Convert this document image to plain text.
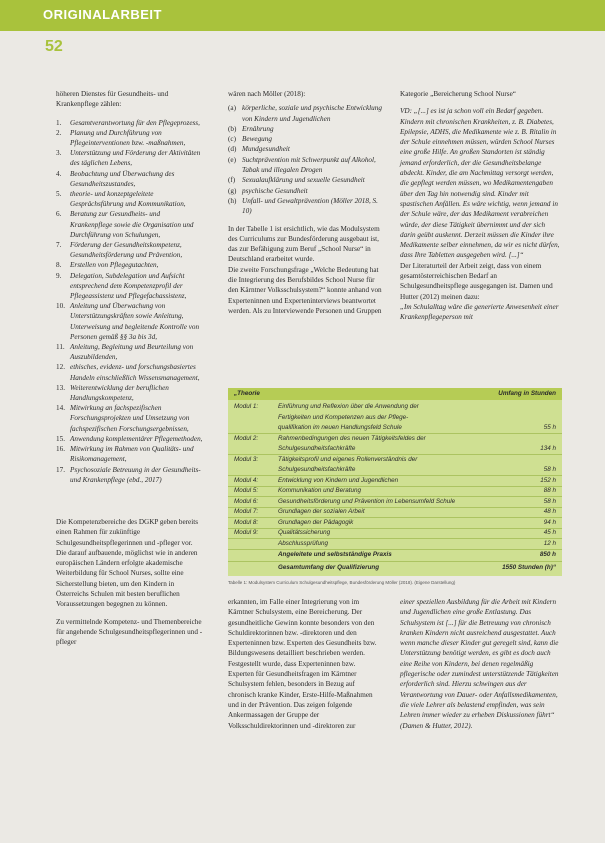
ORIGINALARBEIT
52

höheren Dienstes für Gesundheits- und Krankenpflege zählen:

1. Gesamtverantwortung für den Pflegeprozess,
2. Planung und Durchführung von Pflegeinterventionen bzw. -maßnahmen,
3. Unterstützung und Förderung der Aktivitäten des täglichen Lebens,
4. Beobachtung und Überwachung des Gesundheitszustandes,
5. theorie- und konzeptgeleitete Gesprächsführung und Kommunikation,
6. Beratung zur Gesundheits- und Krankenpflege sowie die Organisation und Durchführung von Schulungen,
7. Förderung der Gesundheitskompetenz, Gesundheitsförderung und Prävention,
8. Erstellen von Pflegegutachten,
9. Delegation, Subdelegation und Aufsicht entsprechend dem Kompetenzprofil der Pflegeassistenz und Pflegefachassistenz,
10. Anleitung und Überwachung von Unterstützungskräften sowie Anleitung, Unterweisung und begleitende Kontrolle von Personen gemäß §§ 3a bis 3d,
11. Anleitung, Begleitung und Beurteilung von Auszubildenden,
12. ethisches, evidenz- und forschungsbasiertes Handeln einschließlich Wissensmanagement,
13. Weiterentwicklung der beruflichen Handlungskompetenz,
14. Mitwirkung an fachspezifischen Forschungsprojekten und Umsetzung von fachspezifischen Forschungsergebnissen,
15. Anwendung komplementärer Pflegemethoden,
16. Mitwirkung im Rahmen von Qualitäts- und Risikomanagement,
17. Psychosoziale Betreuung in der Gesundheits- und Krankenpflege (ebd., 2017)

Die Kompetenzbereiche des DGKP geben bereits einen Rahmen für zukünftige Schulgesundheitspflegerinnen und -pfleger vor. Die darauf aufbauende, möglichst wie in anderen europäischen Ländern erfolgte akademische Weiterbildung für School Nurses, sollte eine Sicherstellung bieten, um den Kindern in Österreichs Schulen mit besten beruflichen Voraussetzungen begegnen zu können.

Zu vermittelnde Kompetenz- und Themenbereiche für angehende Schulgesundheitspflegerinnen und -pfleger

wären nach Möller (2018):

(a) körperliche, soziale und psychische Entwicklung von Kindern und Jugendlichen
(b) Ernährung
(c) Bewegung
(d) Mundgesundheit
(e) Suchtprävention mit Schwerpunkt auf Alkohol, Tabak und illegalen Drogen
(f) Sexualaufklärung und sexuelle Gesundheit
(g) psychische Gesundheit
(h) Unfall- und Gewaltprävention (Möller 2018, S. 10)

In der Tabelle 1 ist ersichtlich, wie das Modulsystem des Curriculums zur Bundesförderung ausgebaut ist, das zur Befähigung zum Beruf „School Nurse“ in Deutschland erarbeitet wurde.

Die zweite Forschungsfrage „Welche Bedeutung hat die Integrierung des Berufsbildes School Nurse für den Kärntner Volksschulsystem?“ konnte anhand von Experteninnen und Experteninterviews beantwortet werden. Als zu Interviewende Personen und Gruppen

erkannten, im Falle einer Integrierung von im Kärntner Schulsystem, eine Bereicherung. Der gesundheitliche Gewinn konnte besonders von den Schuldirektorinnen bzw. -direktoren und den Experteninnen bzw. Experten des Gesundheits bzw. Bildungswesens detailliert beschrieben werden. Festgestellt wurde, dass Experteninnen bzw. Experten für Gesundheitsfragen im Kärntner Schulsystem fehlen, besonders in Bezug auf chronisch kranke Kinder, Erste-Hilfe-Maßnahmen und in der Prävention. Das zeigen folgende Ankermassagen der Gruppe der Volksschuldirektorinnen und -direktoren zur

Kategorie „Bereicherung School Nurse“

VD: „[...] es ist ja schon voll ein Bedarf gegeben. Kindern mit chronischen Krankheiten, z. B. Diabetes, Epilepsie, ADHS, die Medikamente wie z. B. Ritalin in der Schule einnehmen müssen, würden School Nurses eine große Hilfe. An großen Standorten ist ständig jemand erforderlich, der die Gesundheitsbelange abdeckt. Kinder, die am Nachmittag versorgt werden, die gepflegt werden müssen, wo Medikamentengaben über den Tag hin notwendig sind. Kinder mit spastischen Anfällen. Es wäre wichtig, wenn jemand in der Schule wäre, der das Medikament verabreichen würde, der diese Tätigkeit übernimmt und der sich darin geübt auskennt. Derzeit müssen die Kinder ihre Medikamente selber einnehmen, da wir es nicht dürfen, dass Ihre Tabletten ausgegeben wird. [...]“

Der Literaturteil der Arbeit zeigt, dass von einem gesamtösterreichischen Bedarf an Schulgesundheitspflege ausgegangen ist. Damen und Hutter (2012) meinen dazu:

„Im Schulalltag wäre die generierte Anwesenheit einer Krankenpflegeperson mit

einer speziellen Ausbildung für die Arbeit mit Kindern und Jugendlichen eine große Entlastung. Das Schulsystem ist [...] für die Betreuung von chronisch kranken Kindern nicht ausreichend ausgestattet. Auch wenn manche dieser Kinder gut geregelt sind, kann die Unterstützung benötigt werden, es gibt es doch auch eine Reihe von Kindern, bei denen regelmäßig pflegerische oder zumindest unterstützende Tätigkeiten erforderlich sind. Hierzu schwingen aus der Verantwortung von Dauer- oder Anfallsmedikamenten, die viele Lehrer als belastend empfinden, was sein Lehren immer wieder zu erheben Diskussionen führt“ (Damen & Hutter, 2012).

„Theorie	Umfang in Stunden
Modul 1:	Einführung und Reflexion über die Anwendung der
Fertigkeiten und Kompetenzen aus der Pflege-
qualifikation im neuen Handlungsfeld Schule	55 h
Modul 2:	Rahmenbedingungen des neuen Tätigkeitsfeldes der
Schulgesundheitsfachkräfte	134 h
Modul 3:	Tätigkeitsprofil und eigenes Rollenverständnis der
Schulgesundheitsfachkräfte	58 h
Modul 4:	Entwicklung von Kindern und Jugendlichen	152 h
Modul 5:	Kommunikation und Beratung	88 h
Modul 6:	Gesundheitsförderung und Prävention im Lebensumfeld Schule	58 h
Modul 7:	Grundlagen der sozialen Arbeit	48 h
Modul 8:	Grundlagen der Pädagogik	94 h
Modul 9:	Qualitätssicherung	45 h
Abschlussprüfung	12 h
Angeleitete und selbstständige Praxis	850 h
Gesamtumfang der Qualifizierung	1550 Stunden (h)“
Tabelle 1: Modulsystem Curriculum Schulgesundheitspflege, Bundesförderung Möller (2018). (Eigene Darstellung)
